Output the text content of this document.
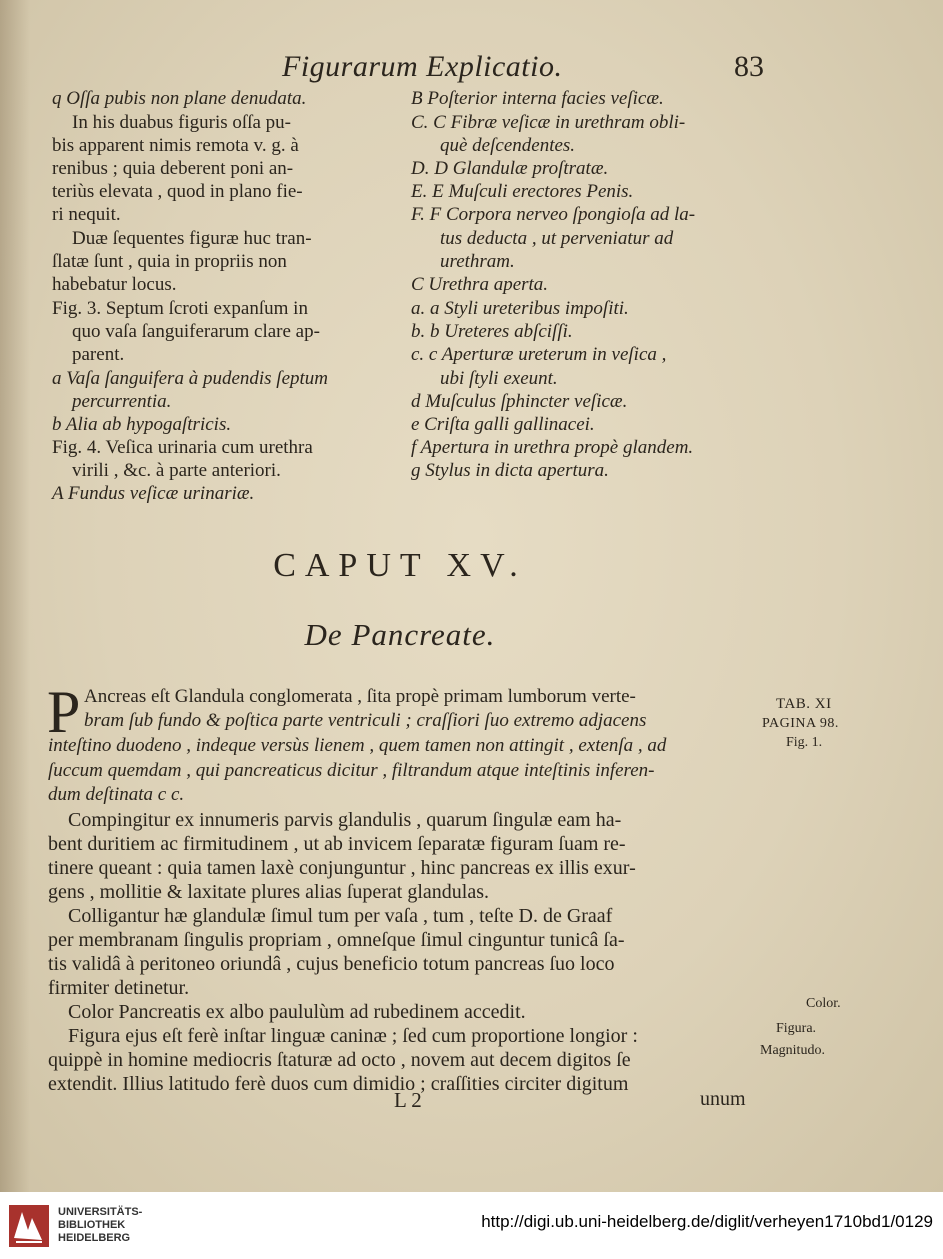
Figurarum Explicatio.	83
q Oſſa pubis non plane denudata.
In his duabus figuris oſſa pu-
bis apparent nimis remota v. g. à
renibus ; quia deberent poni an-
teriùs elevata , quod in plano fie-
ri nequit.
Duæ ſequentes figuræ huc tran-
ſlatæ ſunt , quia in propriis non
habebatur locus.
Fig. 3. Septum ſcroti expanſum in
quo vaſa ſanguiferarum clare ap-
parent.
a Vaſa ſanguifera à pudendis ſeptum
percurrentia.
b Alia ab hypogaſtricis.
Fig. 4. Veſica urinaria cum urethra
virili , &c. à parte anteriori.
A Fundus veſicæ urinariæ.
B Poſterior interna facies veſicæ.
C. C Fibræ veſicæ in urethram obli-
què deſcendentes.
D. D Glandulæ proſtratæ.
E. E Muſculi erectores Penis.
F. F Corpora nerveo ſpongioſa ad la-
tus deducta , ut perveniatur ad
urethram.
C Urethra aperta.
a. a Styli ureteribus impoſiti.
b. b Ureteres abſciſſi.
c. c Aperturæ ureterum in veſica ,
ubi ſtyli exeunt.
d Muſculus ſphincter veſicæ.
e Criſta galli gallinacei.
f Apertura in urethra propè glandem.
g Stylus in dicta apertura.
CAPUT XV.
De Pancreate.
P Ancreas eſt Glandula conglomerata , ſita propè primam lumborum verte-
bram ſub fundo & poſtica parte ventriculi ; craſſiori ſuo extremo adjacens
inteſtino duodeno , indeque versùs lienem , quem tamen non attingit , extenſa , ad
ſuccum quemdam , qui pancreaticus dicitur , filtrandum atque inteſtinis inferen-
dum deſtinata c c.
Compingitur ex innumeris parvis glandulis , quarum ſingulæ eam ha-
bent duritiem ac firmitudinem , ut ab invicem ſeparatæ figuram ſuam re-
tinere queant : quia tamen laxè conjunguntur , hinc pancreas ex illis exur-
gens , mollitie & laxitate plures alias ſuperat glandulas.
Colligantur hæ glandulæ ſimul tum per vaſa , tum , teſte D. de Graaf
per membranam ſingulis propriam , omneſque ſimul cinguntur tunicâ ſa-
tis validâ à peritoneo oriundâ , cujus beneficio totum pancreas ſuo loco
firmiter detinetur.
Color Pancreatis ex albo paululùm ad rubedinem accedit.
Figura ejus eſt ferè inſtar linguæ caninæ ; ſed cum proportione longior :
quippè in homine mediocris ſtaturæ ad octo , novem aut decem digitos ſe
extendit. Illius latitudo ferè duos cum dimidio ; craſſities circiter digitum
TAB. XI
PAGINA 98.
Fig. 1.
Color.
Figura.
Magnitudo.
L 2	unum
UNIVERSITÄTS-
BIBLIOTHEK
HEIDELBERG
http://digi.ub.uni-heidelberg.de/diglit/verheyen1710bd1/0129
